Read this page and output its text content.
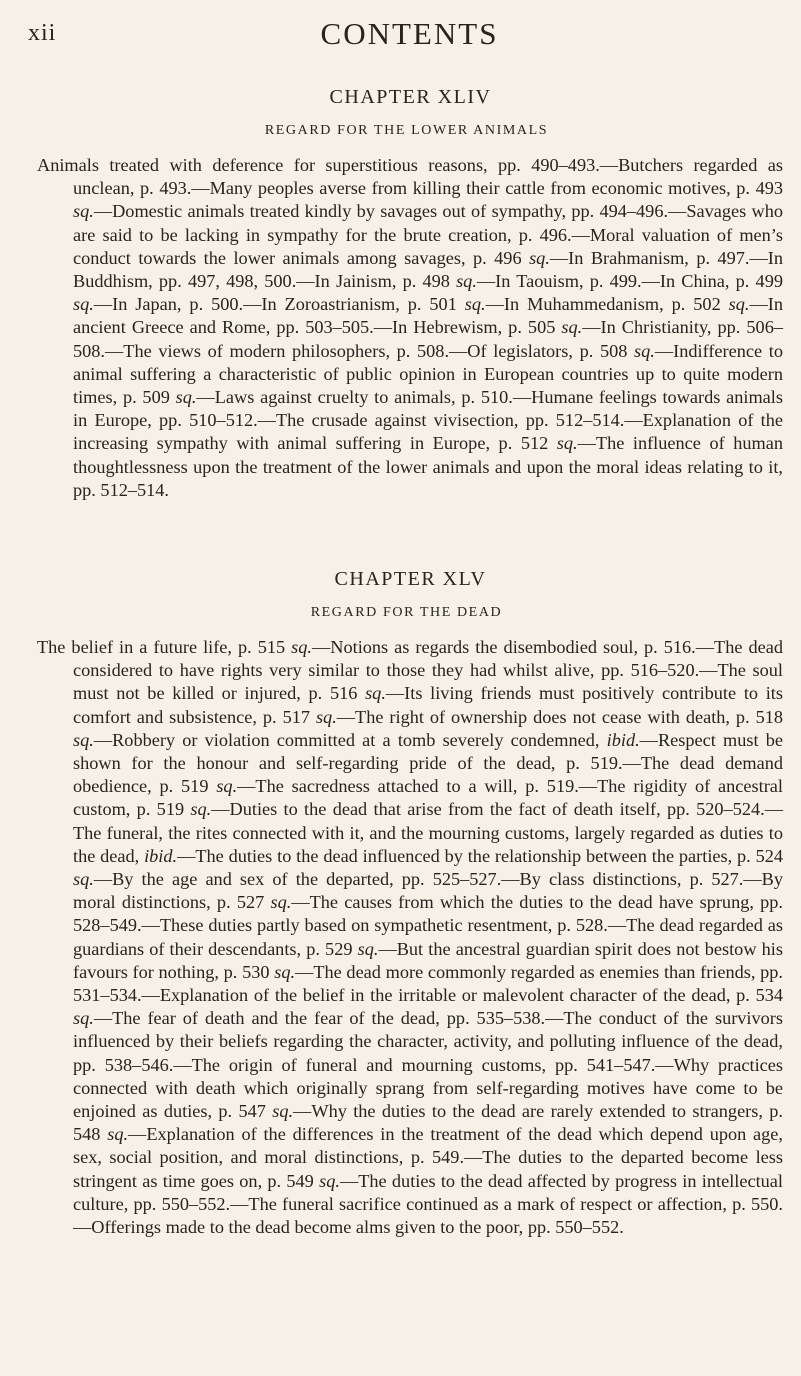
xii	CONTENTS
CHAPTER XLIV
REGARD FOR THE LOWER ANIMALS

Animals treated with deference for superstitious reasons, pp. 490–493.—Butchers regarded as unclean, p. 493.—Many peoples averse from killing their cattle from economic motives, p. 493 sq.—Domestic animals treated kindly by savages out of sympathy, pp. 494–496.—Savages who are said to be lacking in sympathy for the brute creation, p. 496.—Moral valuation of men’s conduct towards the lower animals among savages, p. 496 sq.—In Brahmanism, p. 497.—In Buddhism, pp. 497, 498, 500.—In Jainism, p. 498 sq.—In Taouism, p. 499.—In China, p. 499 sq.—In Japan, p. 500.—In Zoroastrianism, p. 501 sq.—In Muhammedanism, p. 502 sq.—In ancient Greece and Rome, pp. 503–505.—In Hebrewism, p. 505 sq.—In Christianity, pp. 506–508.—The views of modern philosophers, p. 508.—Of legislators, p. 508 sq.—Indifference to animal suffering a characteristic of public opinion in European countries up to quite modern times, p. 509 sq.—Laws against cruelty to animals, p. 510.—Humane feelings towards animals in Europe, pp. 510–512.—The crusade against vivisection, pp. 512–514.—Explanation of the increasing sympathy with animal suffering in Europe, p. 512 sq.—The influence of human thoughtlessness upon the treatment of the lower animals and upon the moral ideas relating to it, pp. 512–514.

CHAPTER XLV
REGARD FOR THE DEAD

The belief in a future life, p. 515 sq.—Notions as regards the disembodied soul, p. 516.—The dead considered to have rights very similar to those they had whilst alive, pp. 516–520.—The soul must not be killed or injured, p. 516 sq.—Its living friends must positively contribute to its comfort and subsistence, p. 517 sq.—The right of ownership does not cease with death, p. 518 sq.—Robbery or violation committed at a tomb severely condemned, ibid.—Respect must be shown for the honour and self-regarding pride of the dead, p. 519.—The dead demand obedience, p. 519 sq.—The sacredness attached to a will, p. 519.—The rigidity of ancestral custom, p. 519 sq.—Duties to the dead that arise from the fact of death itself, pp. 520–524.—The funeral, the rites connected with it, and the mourning customs, largely regarded as duties to the dead, ibid.—The duties to the dead influenced by the relationship between the parties, p. 524 sq.—By the age and sex of the departed, pp. 525–527.—By class distinctions, p. 527.—By moral distinctions, p. 527 sq.—The causes from which the duties to the dead have sprung, pp. 528–549.—These duties partly based on sympathetic resentment, p. 528.—The dead regarded as guardians of their descendants, p. 529 sq.—But the ancestral guardian spirit does not bestow his favours for nothing, p. 530 sq.—The dead more commonly regarded as enemies than friends, pp. 531–534.—Explanation of the belief in the irritable or malevolent character of the dead, p. 534 sq.—The fear of death and the fear of the dead, pp. 535–538.—The conduct of the survivors influenced by their beliefs regarding the character, activity, and polluting influence of the dead, pp. 538–546.—The origin of funeral and mourning customs, pp. 541–547.—Why practices connected with death which originally sprang from self-regarding motives have come to be enjoined as duties, p. 547 sq.—Why the duties to the dead are rarely extended to strangers, p. 548 sq.—Explanation of the differences in the treatment of the dead which depend upon age, sex, social position, and moral distinctions, p. 549.—The duties to the departed become less stringent as time goes on, p. 549 sq.—The duties to the dead affected by progress in intellectual culture, pp. 550–552.—The funeral sacrifice continued as a mark of respect or affection, p. 550.—Offerings made to the dead become alms given to the poor, pp. 550–552.
